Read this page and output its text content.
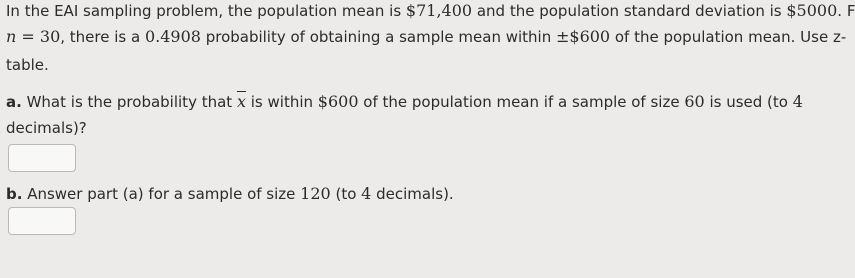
In the EAI sampling problem, the population mean is $71,400 and the population standard deviation is $5000. F
n = 30, there is a 0.4908 probability of obtaining a sample mean within ±$600 of the population mean. Use z-
table.
a. What is the probability that $\overline{x}$ is within $600 of the population mean if a sample of size 60 is used (to 4
decimals)?
b. Answer part (a) for a sample of size 120 (to 4 decimals).
